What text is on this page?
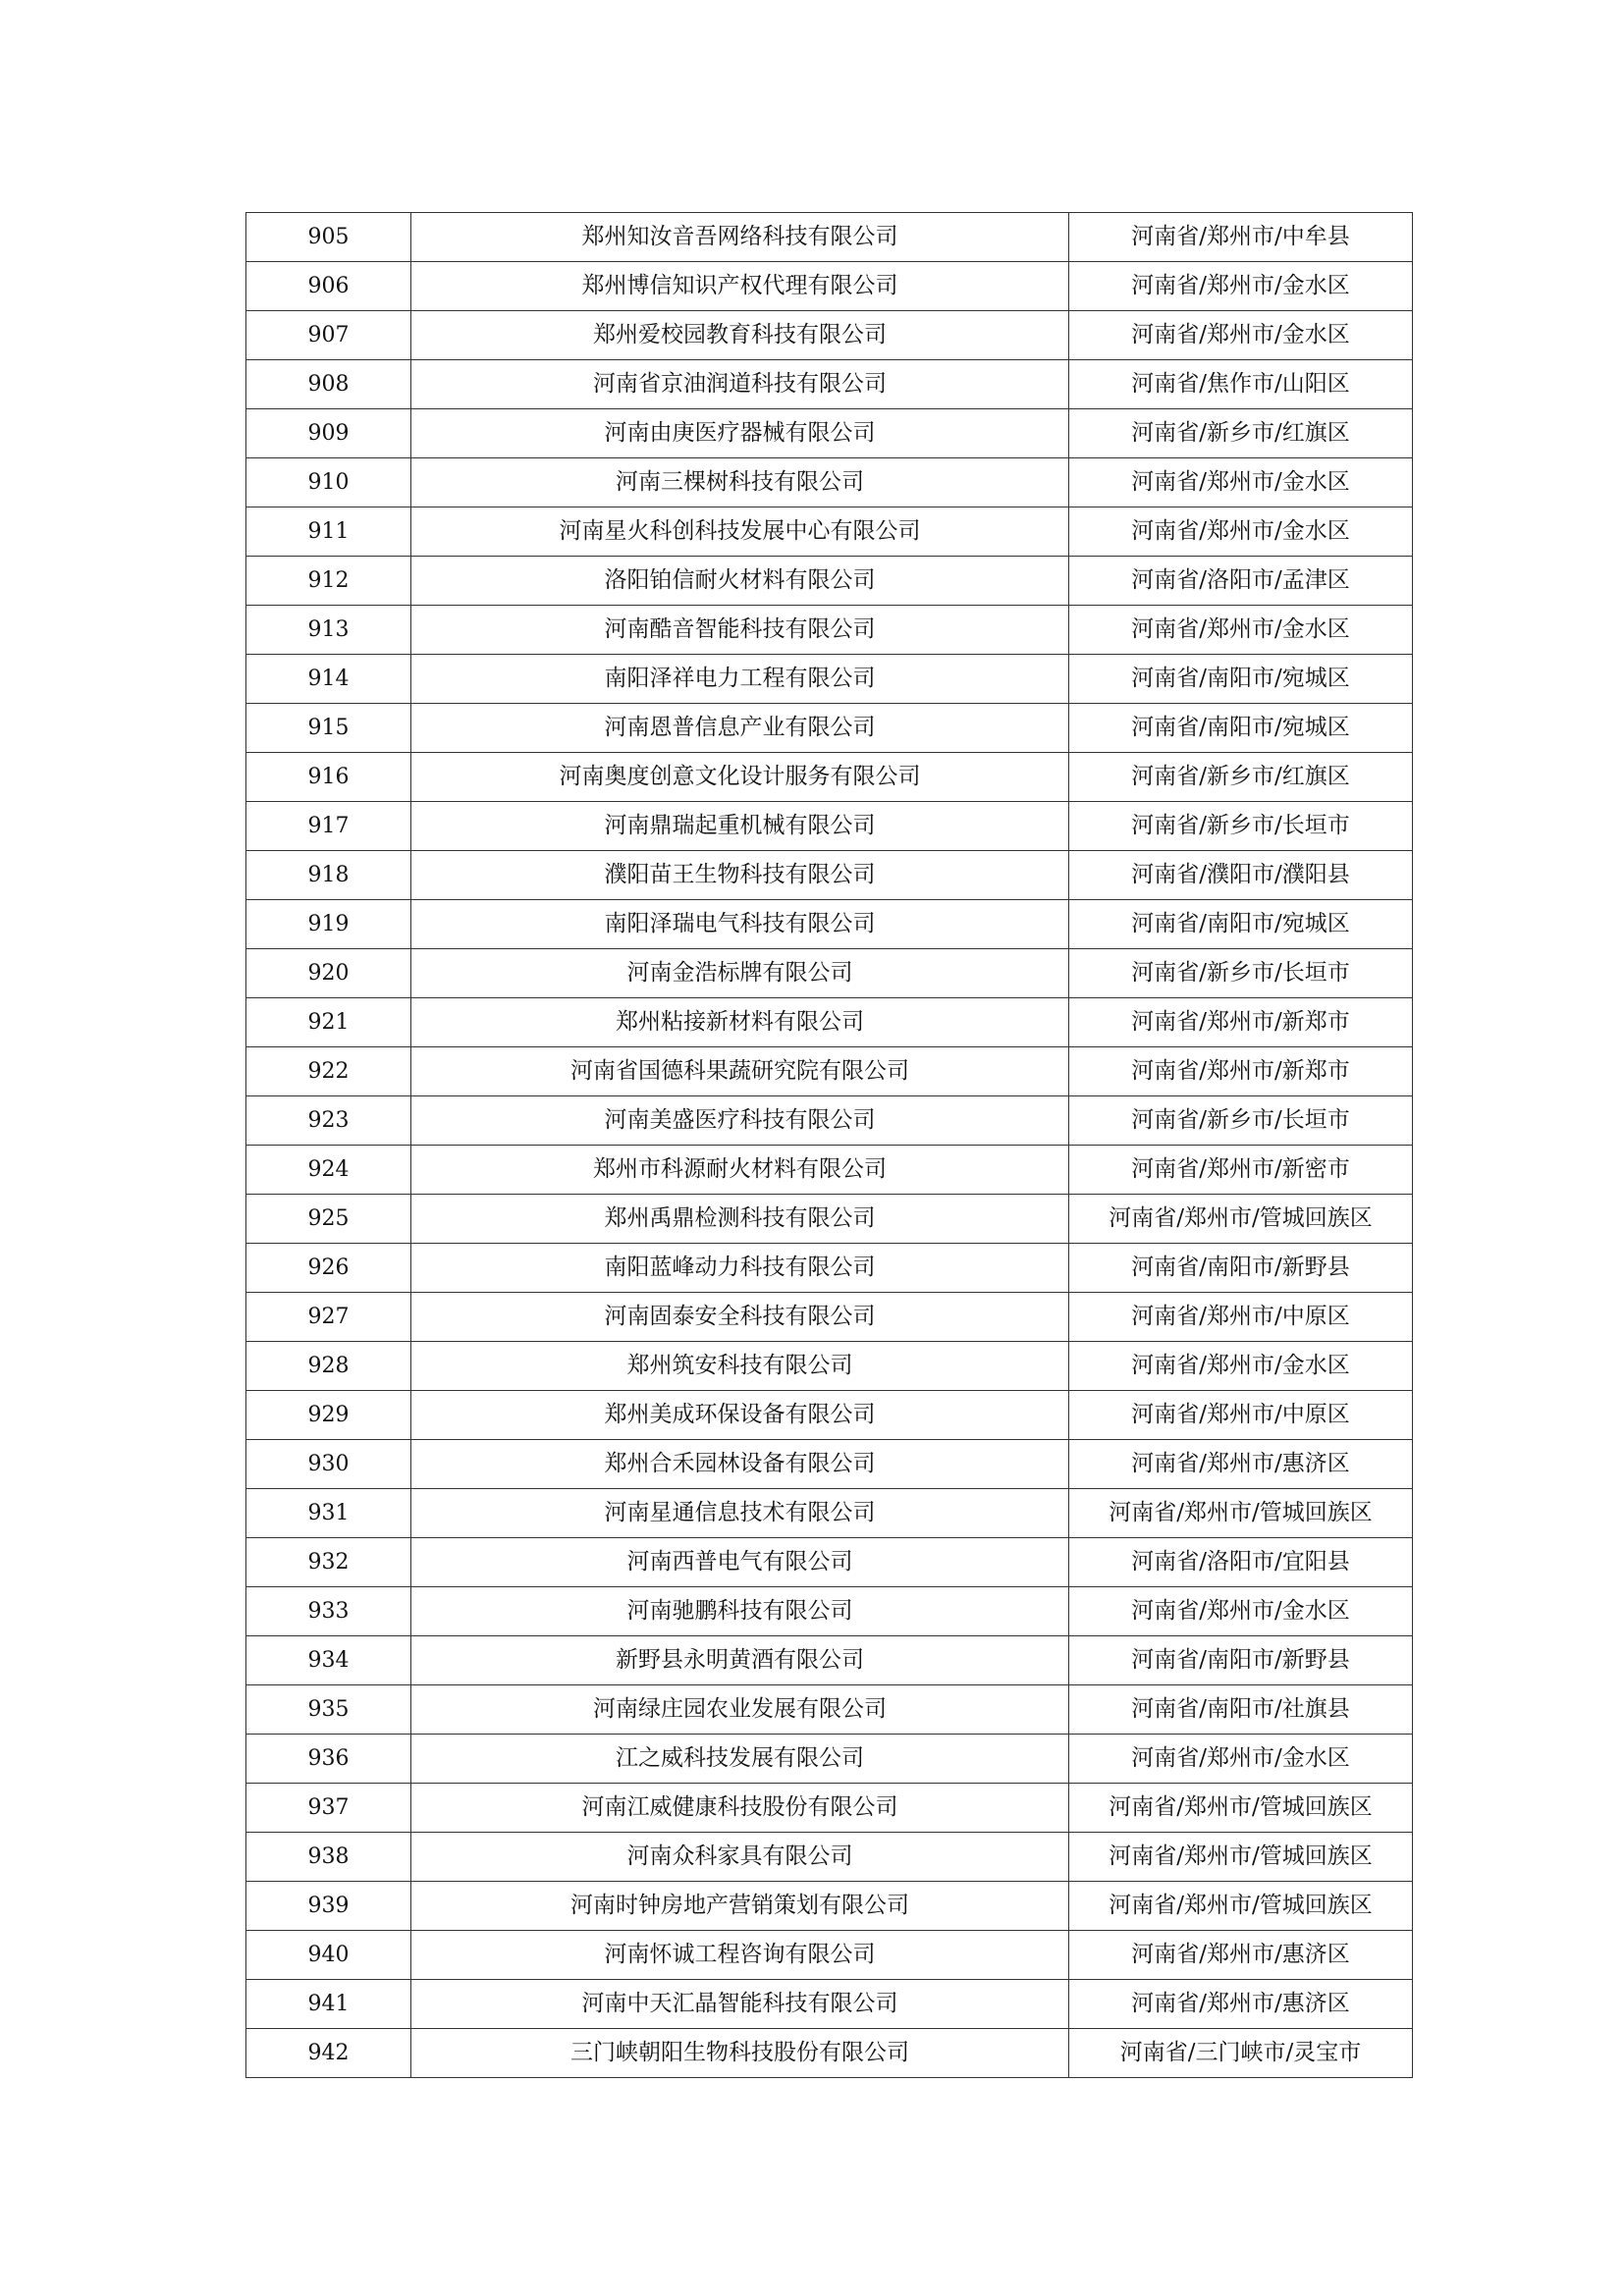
905	郑州知汝音吾网络科技有限公司	河南省/郑州市/中牟县
906	郑州博信知识产权代理有限公司	河南省/郑州市/金水区
907	郑州爱校园教育科技有限公司	河南省/郑州市/金水区
908	河南省京油润道科技有限公司	河南省/焦作市/山阳区
909	河南由庚医疗器械有限公司	河南省/新乡市/红旗区
910	河南三棵树科技有限公司	河南省/郑州市/金水区
911	河南星火科创科技发展中心有限公司	河南省/郑州市/金水区
912	洛阳铂信耐火材料有限公司	河南省/洛阳市/孟津区
913	河南酷音智能科技有限公司	河南省/郑州市/金水区
914	南阳泽祥电力工程有限公司	河南省/南阳市/宛城区
915	河南恩普信息产业有限公司	河南省/南阳市/宛城区
916	河南奥度创意文化设计服务有限公司	河南省/新乡市/红旗区
917	河南鼎瑞起重机械有限公司	河南省/新乡市/长垣市
918	濮阳苗王生物科技有限公司	河南省/濮阳市/濮阳县
919	南阳泽瑞电气科技有限公司	河南省/南阳市/宛城区
920	河南金浩标牌有限公司	河南省/新乡市/长垣市
921	郑州粘接新材料有限公司	河南省/郑州市/新郑市
922	河南省国德科果蔬研究院有限公司	河南省/郑州市/新郑市
923	河南美盛医疗科技有限公司	河南省/新乡市/长垣市
924	郑州市科源耐火材料有限公司	河南省/郑州市/新密市
925	郑州禹鼎检测科技有限公司	河南省/郑州市/管城回族区
926	南阳蓝峰动力科技有限公司	河南省/南阳市/新野县
927	河南固泰安全科技有限公司	河南省/郑州市/中原区
928	郑州筑安科技有限公司	河南省/郑州市/金水区
929	郑州美成环保设备有限公司	河南省/郑州市/中原区
930	郑州合禾园林设备有限公司	河南省/郑州市/惠济区
931	河南星通信息技术有限公司	河南省/郑州市/管城回族区
932	河南西普电气有限公司	河南省/洛阳市/宜阳县
933	河南驰鹏科技有限公司	河南省/郑州市/金水区
934	新野县永明黄酒有限公司	河南省/南阳市/新野县
935	河南绿庄园农业发展有限公司	河南省/南阳市/社旗县
936	江之威科技发展有限公司	河南省/郑州市/金水区
937	河南江威健康科技股份有限公司	河南省/郑州市/管城回族区
938	河南众科家具有限公司	河南省/郑州市/管城回族区
939	河南时钟房地产营销策划有限公司	河南省/郑州市/管城回族区
940	河南怀诚工程咨询有限公司	河南省/郑州市/惠济区
941	河南中天汇晶智能科技有限公司	河南省/郑州市/惠济区
942	三门峡朝阳生物科技股份有限公司	河南省/三门峡市/灵宝市
